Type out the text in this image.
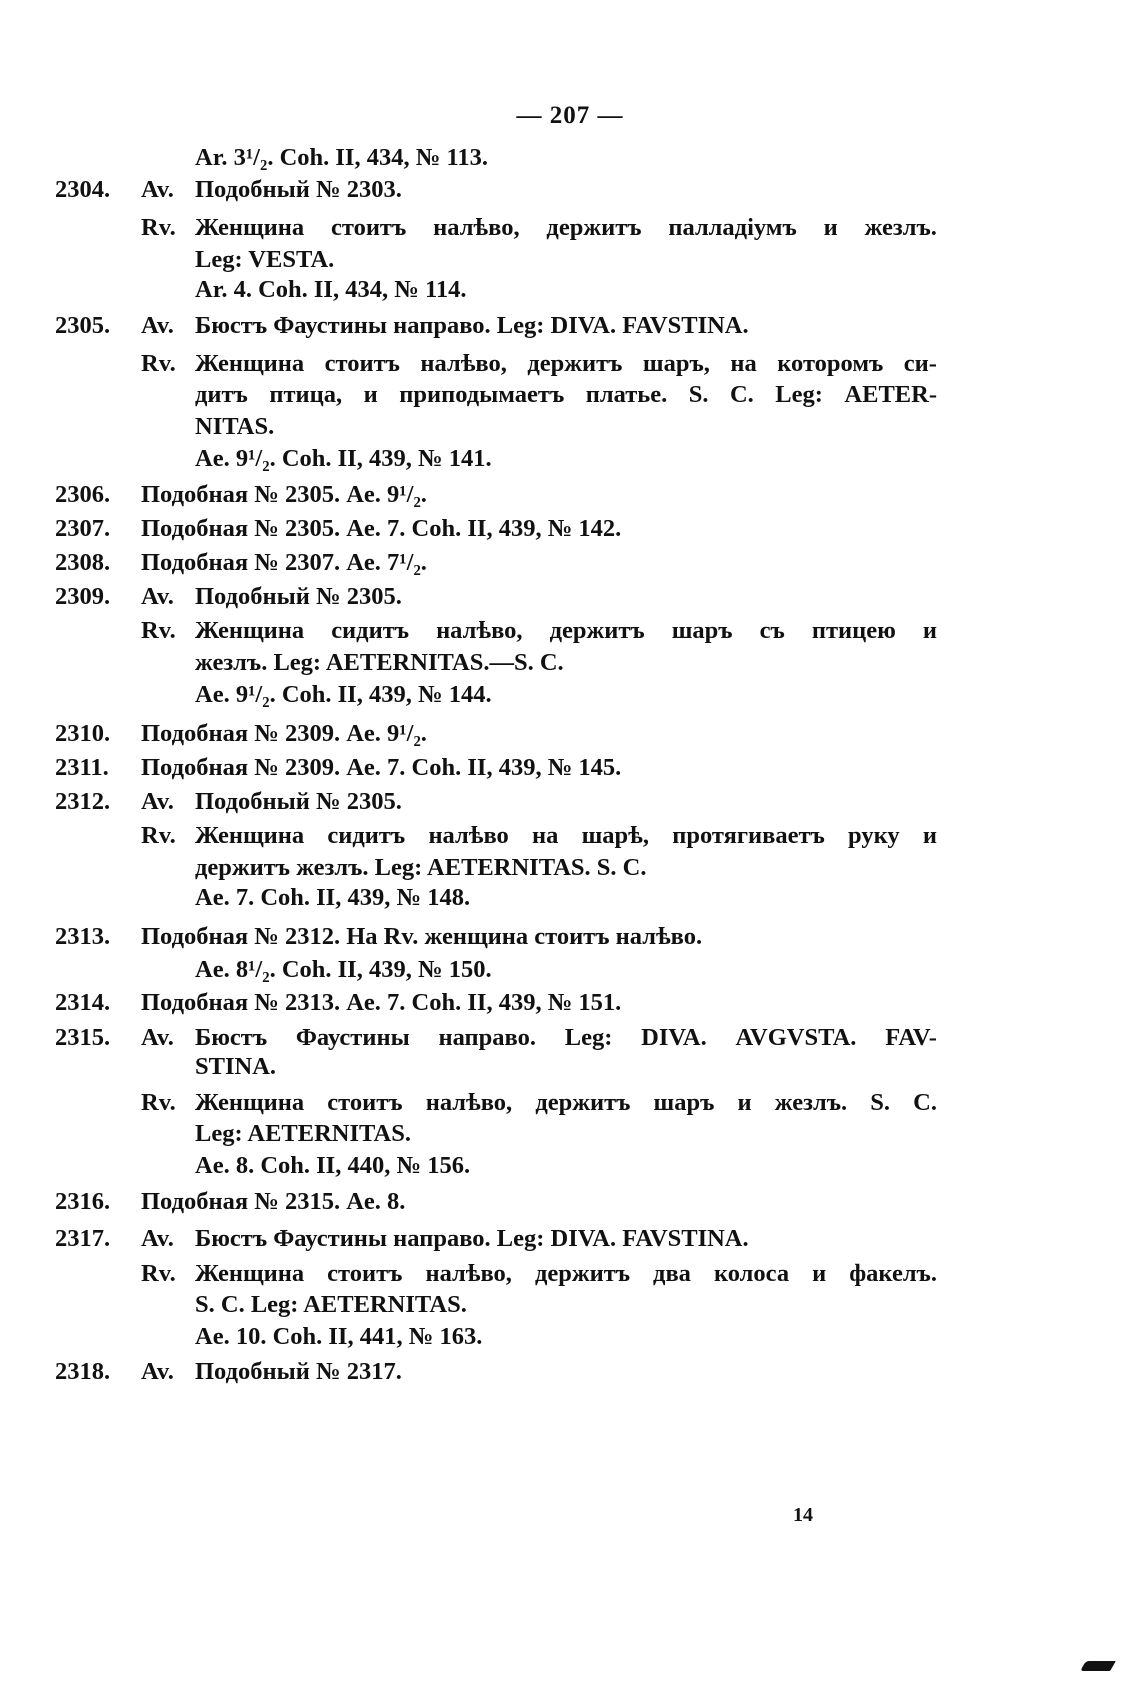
— 207 —
Ar. 3¹/₂. Coh. II, 434, № 113.
2304. Av. Подобный № 2303.
Rv. Женщина стоитъ налѣво, держитъ палладіумъ и жезлъ.
Leg: VESTA.
Ar. 4. Coh. II, 434, № 114.
2305. Av. Бюстъ Фаустины направо. Leg: DIVA. FAVSTINA.
Rv. Женщина стоитъ налѣво, держитъ шаръ, на которомъ си-
дитъ птица, и приподымаетъ платье. S. C. Leg: AETER-
NITAS.
Ae. 9¹/₂. Coh. II, 439, № 141.
2306. Подобная № 2305. Ae. 9¹/₂.
2307. Подобная № 2305. Ae. 7. Coh. II, 439, № 142.
2308. Подобная № 2307. Ae. 7¹/₂.
2309. Av. Подобный № 2305.
Rv. Женщина сидитъ налѣво, держитъ шаръ съ птицею и
жезлъ. Leg: AETERNITAS.—S. C.
Ae. 9¹/₂. Coh. II, 439, № 144.
2310. Подобная № 2309. Ae. 9¹/₂.
2311. Подобная № 2309. Ae. 7. Coh. II, 439, № 145.
2312. Av. Подобный № 2305.
Rv. Женщина сидитъ налѣво на шарѣ, протягиваетъ руку и
держитъ жезлъ. Leg: AETERNITAS. S. C.
Ae. 7. Coh. II, 439, № 148.
2313. Подобная № 2312. На Rv. женщина стоитъ налѣво.
Ae. 8¹/₂. Coh. II, 439, № 150.
2314. Подобная № 2313. Ae. 7. Coh. II, 439, № 151.
2315. Av. Бюстъ Фаустины направо. Leg: DIVA. AVGVSTA. FAV-
STINA.
Rv. Женщина стоитъ налѣво, держитъ шаръ и жезлъ. S. C.
Leg: AETERNITAS.
Ae. 8. Coh. II, 440, № 156.
2316. Подобная № 2315. Ae. 8.
2317. Av. Бюстъ Фаустины направо. Leg: DIVA. FAVSTINA.
Rv. Женщина стоитъ налѣво, держитъ два колоса и факелъ.
S. C. Leg: AETERNITAS.
Ae. 10. Coh. II, 441, № 163.
2318. Av. Подобный № 2317.
14
